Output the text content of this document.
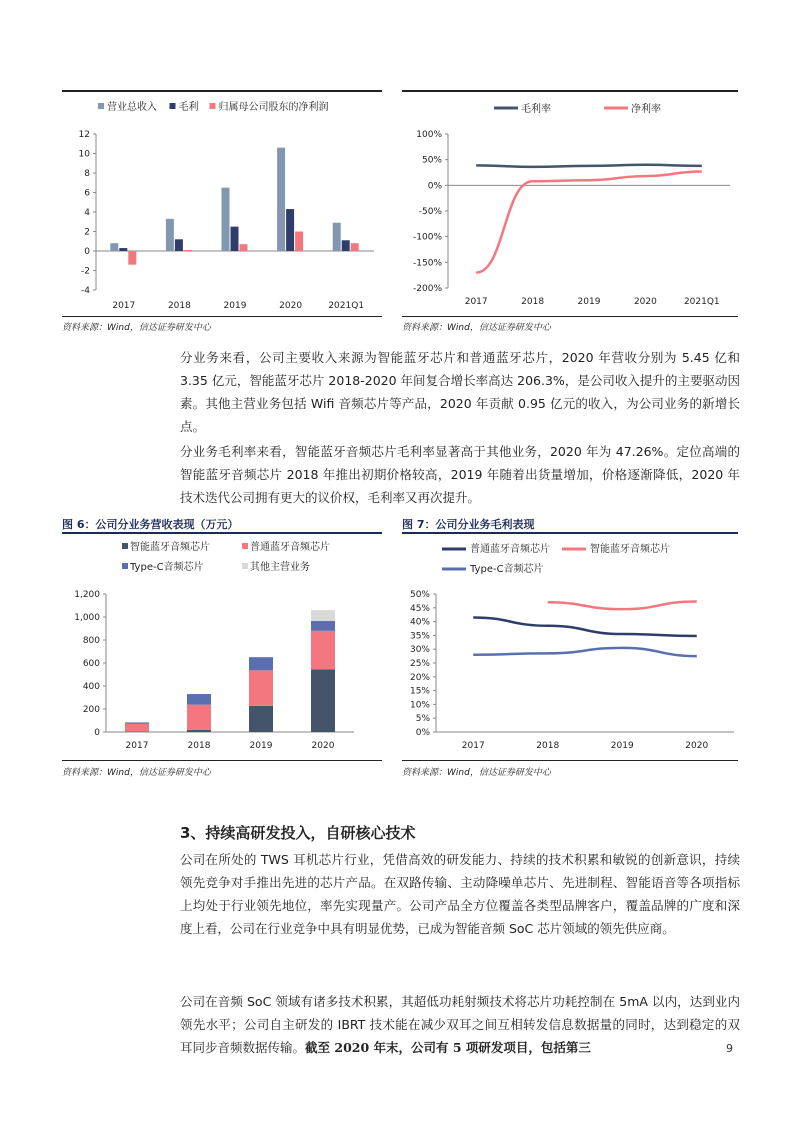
营业总收入 毛利 归属母公司股东的净利润
-4
-2
0
2
4
6
8
10
12
2017	2018	2019	2020	2021Q1
毛利率	净利率
-200%
-150%
-100%
-50%
0%
50%
100%
2017	2018	2019	2020	2021Q1
资料来源：Wind，信达证券研发中心	资料来源：Wind，信达证券研发中心
分业务来看，公司主要收入来源为智能蓝牙芯片和普通蓝牙芯片，2020 年营收分别为 5.45 亿和 3.35 亿元，智能蓝牙芯片 2018-2020 年间复合增长率高达 206.3%，是公司收入提升的主要驱动因素。其他主营业务包括 Wifi 音频芯片等产品，2020 年贡献 0.95 亿元的收入，为公司业务的新增长点。
分业务毛利率来看，智能蓝牙音频芯片毛利率显著高于其他业务，2020 年为 47.26%。定位高端的智能蓝牙音频芯片 2018 年推出初期价格较高，2019 年随着出货量增加，价格逐渐降低，2020 年技术迭代公司拥有更大的议价权，毛利率又再次提升。
图 6：公司分业务营收表现（万元）	图 7：公司分业务毛利表现
智能蓝牙音频芯片	普通蓝牙音频芯片
Type-C音频芯片	其他主营业务
0
200
400
600
800
1,000
1,200
2017	2018	2019	2020
普通蓝牙音频芯片	智能蓝牙音频芯片
Type-C音频芯片
0%
5%
10%
15%
20%
25%
30%
35%
40%
45%
50%
2017	2018	2019	2020
资料来源：Wind，信达证券研发中心	资料来源：Wind，信达证券研发中心
3、持续高研发投入，自研核心技术
公司在所处的 TWS 耳机芯片行业，凭借高效的研发能力、持续的技术积累和敏锐的创新意识，持续领先竞争对手推出先进的芯片产品。在双路传输、主动降噪单芯片、先进制程、智能语音等各项指标上均处于行业领先地位，率先实现量产。公司产品全方位覆盖各类型品牌客户，覆盖品牌的广度和深度上看，公司在行业竞争中具有明显优势，已成为智能音频 SoC 芯片领域的领先供应商。
公司在音频 SoC 领域有诸多技术积累，其超低功耗射频技术将芯片功耗控制在 5mA 以内，达到业内领先水平；公司自主研发的 IBRT 技术能在减少双耳之间互相转发信息数据量的同时，达到稳定的双耳同步音频数据传输。截至 2020 年末，公司有 5 项研发项目，包括第三	9
